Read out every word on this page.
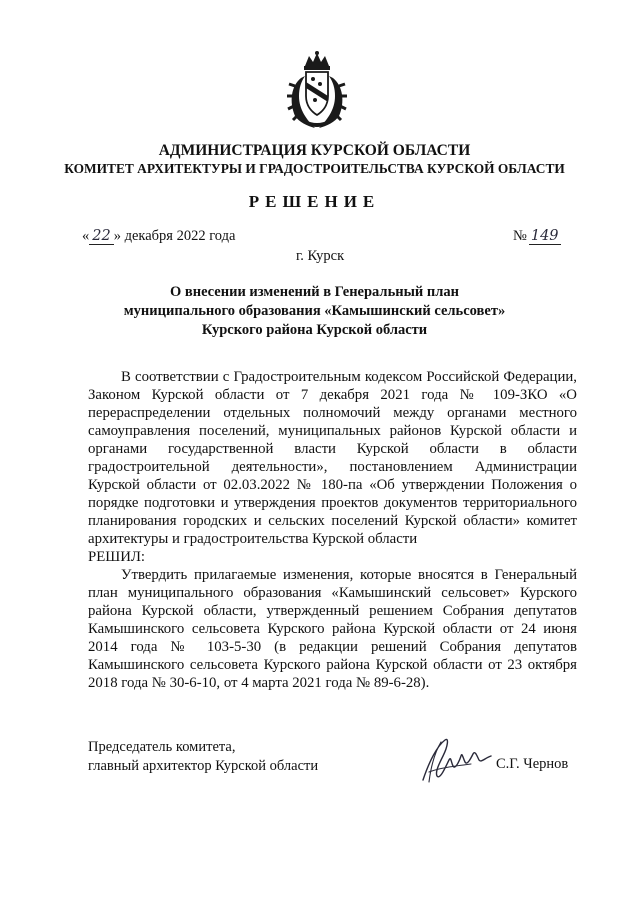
АДМИНИСТРАЦИЯ КУРСКОЙ ОБЛАСТИ
КОМИТЕТ АРХИТЕКТУРЫ И ГРАДОСТРОИТЕЛЬСТВА КУРСКОЙ ОБЛАСТИ
РЕШЕНИЕ
« 22 » декабря 2022 года	№ 149
г. Курск
О внесении изменений в Генеральный план
муниципального образования «Камышинский сельсовет»
Курского района Курской области

В соответствии с Градостроительным кодексом Российской Федерации, Законом Курской области от 7 декабря 2021 года № 109-ЗКО «О перераспределении отдельных полномочий между органами местного самоуправления поселений, муниципальных районов Курской области и органами государственной власти Курской области в области градостроительной деятельности», постановлением Администрации Курской области от 02.03.2022 № 180-па «Об утверждении Положения о порядке подготовки и утверждения проектов документов территориального планирования городских и сельских поселений Курской области» комитет архитектуры и градостроительства Курской области

РЕШИЛ:

Утвердить прилагаемые изменения, которые вносятся в Генеральный план муниципального образования «Камышинский сельсовет» Курского района Курской области, утвержденный решением Собрания депутатов Камышинского сельсовета Курского района Курской области от 24 июня 2014 года № 103-5-30 (в редакции решений Собрания депутатов Камышинского сельсовета Курского района Курской области от 23 октября 2018 года № 30-6-10, от 4 марта 2021 года № 89-6-28).

Председатель комитета,
главный архитектор Курской области	С.Г. Чернов
